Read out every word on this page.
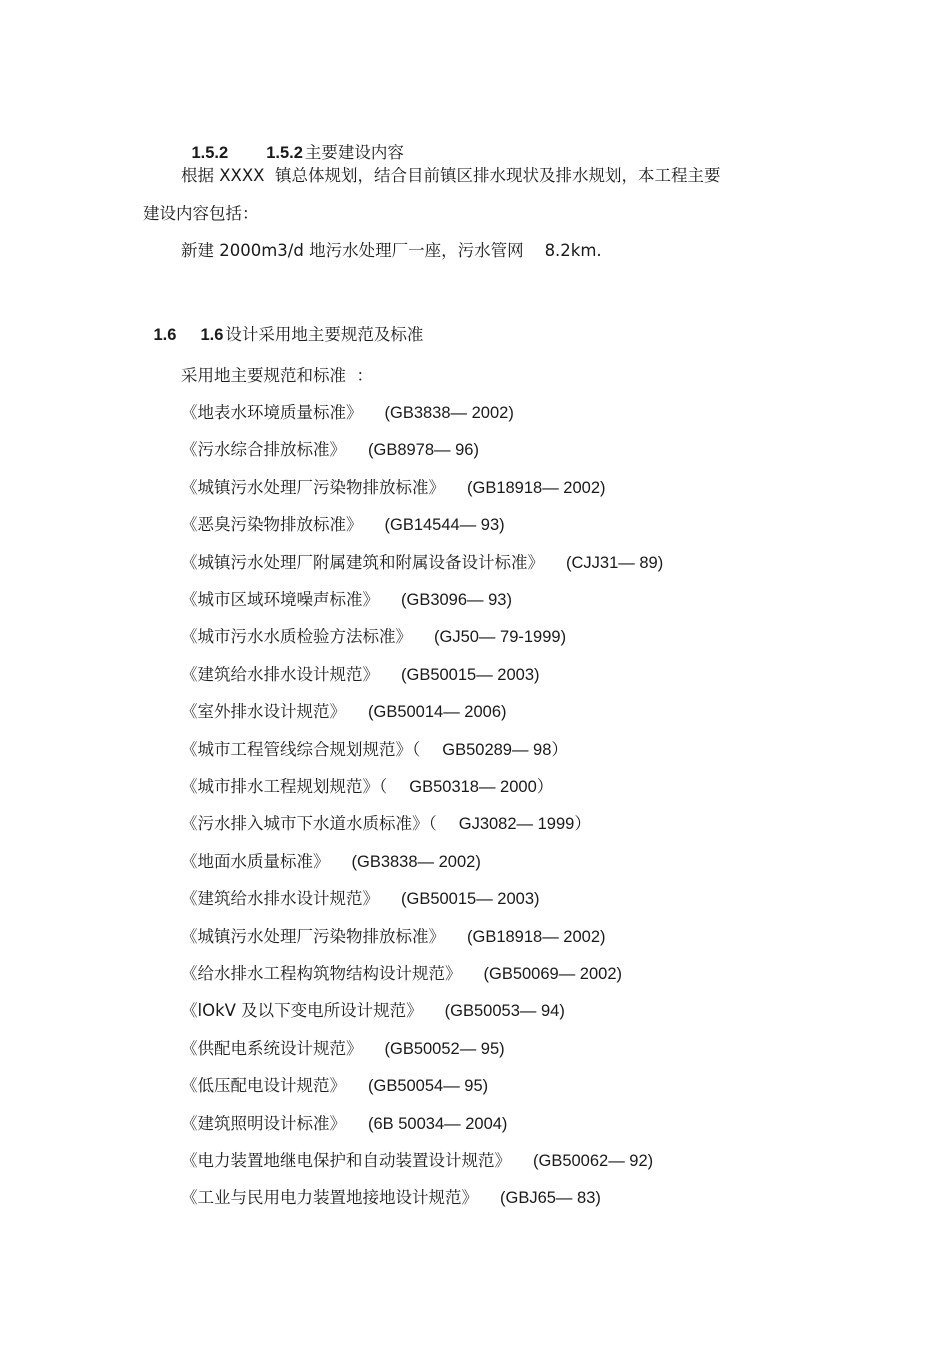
1.5.2 1.5.2 主要建设内容

根据 XXXX  镇总体规划，结合目前镇区排水现状及排水规划，本工程主要
建设内容包括：
新建 2000m3/d 地污水处理厂一座，污水管网    8.2km.

1.6 1.6 设计采用地主要规范及标准

采用地主要规范和标准  ：
《地表水环境质量标准》 (GB3838— 2002)
《污水综合排放标准》 (GB8978— 96)
《城镇污水处理厂污染物排放标准》 (GB18918— 2002)
《恶臭污染物排放标准》 (GB14544— 93)
《城镇污水处理厂附属建筑和附属设备设计标准》 (CJJ31— 89)
《城市区域环境噪声标准》 (GB3096— 93)
《城市污水水质检验方法标准》 (GJ50— 79-1999)
《建筑给水排水设计规范》 (GB50015— 2003)
《室外排水设计规范》 (GB50014— 2006)
《城市工程管线综合规划规范》（ GB50289— 98）
《城市排水工程规划规范》（ GB50318— 2000）
《污水排入城市下水道水质标准》（ GJ3082— 1999）
《地面水质量标准》 (GB3838— 2002)
《建筑给水排水设计规范》 (GB50015— 2003)
《城镇污水处理厂污染物排放标准》 (GB18918— 2002)
《给水排水工程构筑物结构设计规范》 (GB50069— 2002)
《lOkV 及以下变电所设计规范》 (GB50053— 94)
《供配电系统设计规范》 (GB50052— 95)
《低压配电设计规范》 (GB50054— 95)
《建筑照明设计标准》 (6B 50034— 2004)
《电力装置地继电保护和自动装置设计规范》 (GB50062— 92)
《工业与民用电力装置地接地设计规范》 (GBJ65— 83)
